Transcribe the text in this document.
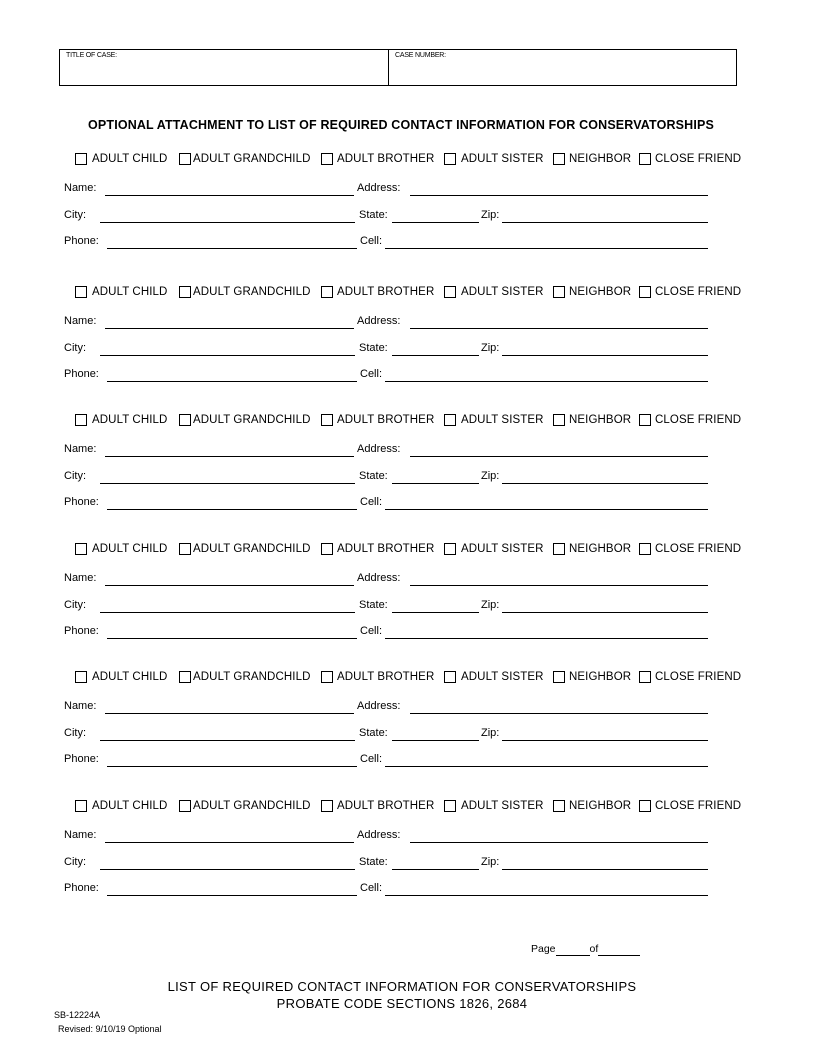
TITLE OF CASE:	CASE NUMBER:
OPTIONAL ATTACHMENT TO LIST OF REQUIRED CONTACT INFORMATION FOR CONSERVATORSHIPS
ADULT CHILD ADULT GRANDCHILD ADULT BROTHER ADULT SISTER NEIGHBOR CLOSE FRIEND
Name:	Address:
City:	State:	Zip:
Phone:	Cell:
ADULT CHILD ADULT GRANDCHILD ADULT BROTHER ADULT SISTER NEIGHBOR CLOSE FRIEND
Name:	Address:
City:	State:	Zip:
Phone:	Cell:
ADULT CHILD ADULT GRANDCHILD ADULT BROTHER ADULT SISTER NEIGHBOR CLOSE FRIEND
Name:	Address:
City:	State:	Zip:
Phone:	Cell:
ADULT CHILD ADULT GRANDCHILD ADULT BROTHER ADULT SISTER NEIGHBOR CLOSE FRIEND
Name:	Address:
City:	State:	Zip:
Phone:	Cell:
ADULT CHILD ADULT GRANDCHILD ADULT BROTHER ADULT SISTER NEIGHBOR CLOSE FRIEND
Name:	Address:
City:	State:	Zip:
Phone:	Cell:
ADULT CHILD ADULT GRANDCHILD ADULT BROTHER ADULT SISTER NEIGHBOR CLOSE FRIEND
Name:	Address:
City:	State:	Zip:
Phone:	Cell:
Page	of
LIST OF REQUIRED CONTACT INFORMATION FOR CONSERVATORSHIPS
PROBATE CODE SECTIONS 1826, 2684
SB-12224A
Revised: 9/10/19 Optional
